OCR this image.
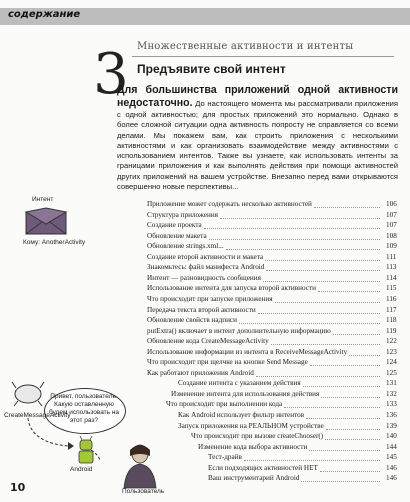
содержание
3 Множественные активности и интенты
Предъявите свой интент
Для большинства приложений одной активности недостаточно. До настоящего момента мы рассматривали приложения с одной активностью; для простых приложений это нормально. Однако в более сложной ситуации одна активность попросту не справляется со всеми делами. Мы покажем вам, как строить приложения с несколькими активностями и как организовать взаимодействие между активностями с использованием интентов. Также вы узнаете, как использовать интенты за границами приложения и как выполнять действия при помощи активностей других приложений на вашем устройстве. Внезапно перед вами открываются совершенно новые перспективы...
Интент
Кому: AnotherActivity
Привет, пользователь. Какую оставленную будем использовать на этот раз?
CreateMessageActivity
Android
Пользователь
Приложение может содержать несколько активностей	106
Структура приложения	107
Создание проекта	107
Обновление макета	108
Обновление strings.xml...	109
Создание второй активности и макета	111
Знакомьтесь: файл манифеста Android	113
Интент — разновидность сообщения	114
Использование интента для запуска второй активности	115
Что происходит при запуске приложения	116
Передача текста второй активности	117
Обновление свойств надписи	118
putExtra() включает в интент дополнительную информацию	119
Обновление кода CreateMessageActivity	122
Использование информации из интента в ReceiveMessageActivity	123
Что происходит при щелчке на кнопке Send Message	124
Как работают приложения Android	125
Создание интента с указанием действия	131
Изменение интента для использования действия	132
Что происходит при выполнении кода	133
Как Android использует фильтр интентов	136
Запуск приложения на РЕАЛЬНОМ устройстве	139
Что происходит при вызове createChooser()	140
Изменение кода выбора активности	144
Тест-драйв	145
Если подходящих активностей НЕТ	146
Ваш инструментарий Android	146
10
